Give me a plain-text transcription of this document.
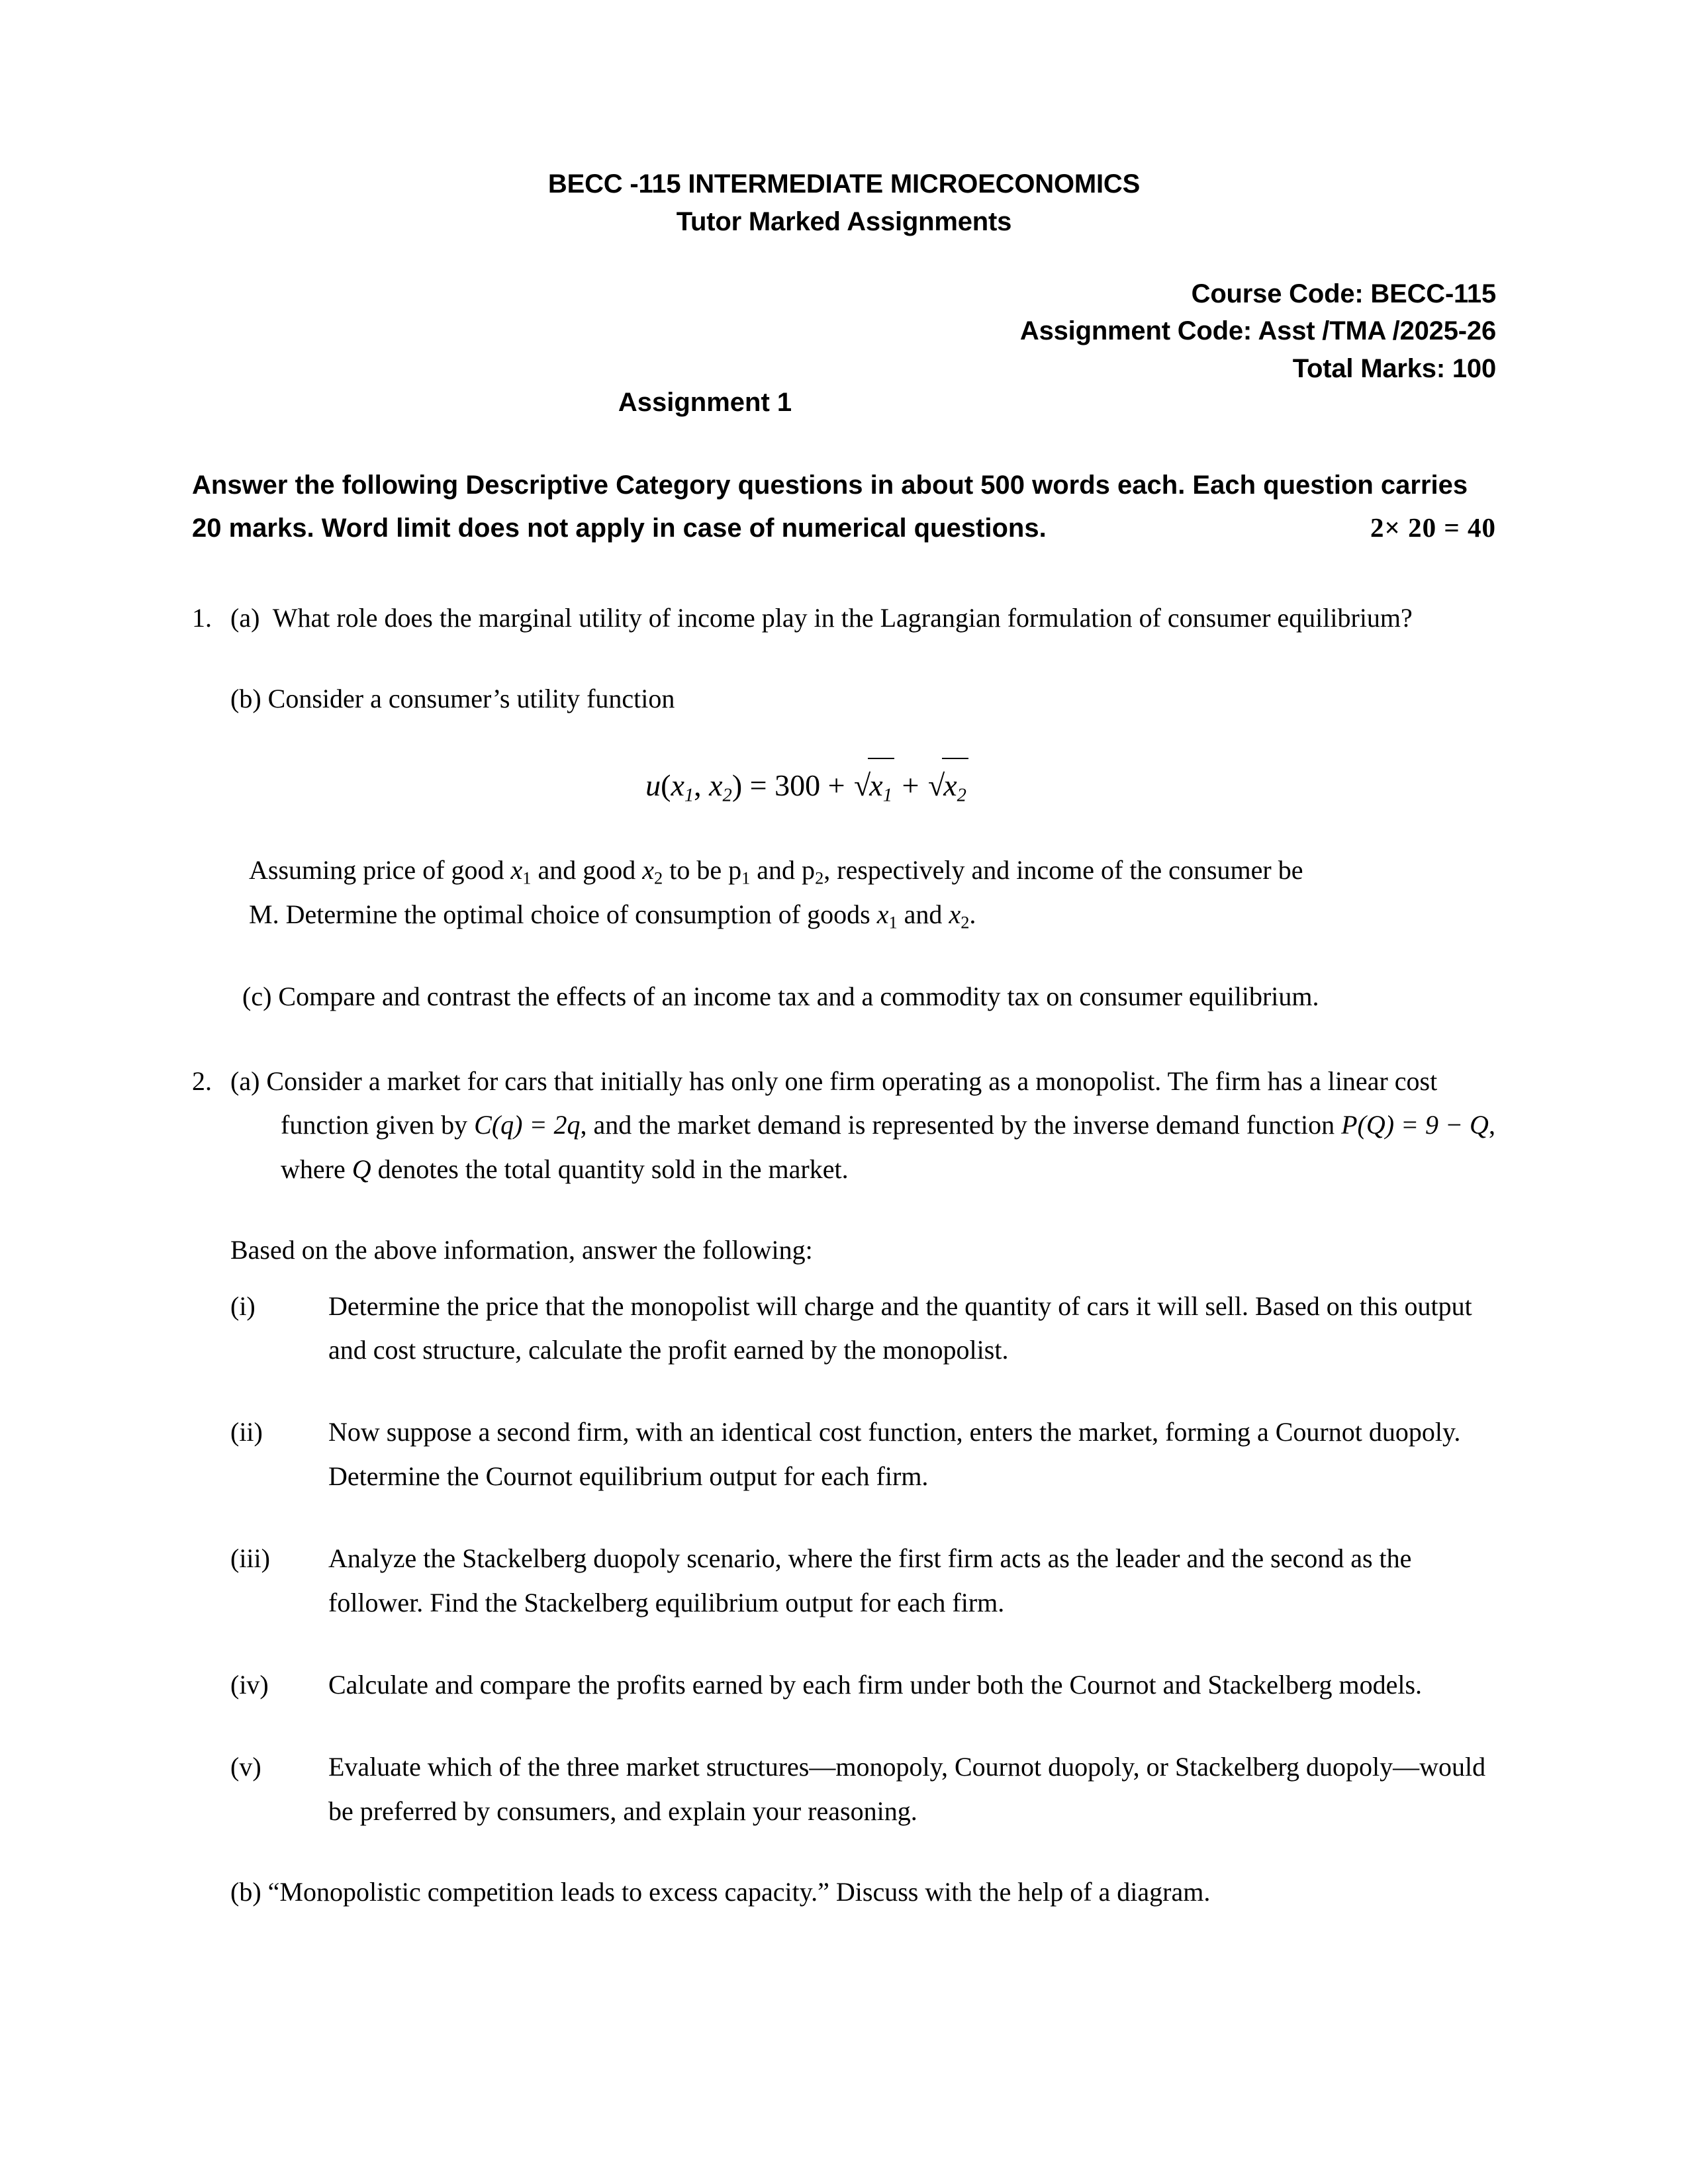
BECC -115 INTERMEDIATE MICROECONOMICS
Tutor Marked Assignments
Course Code: BECC-115
Assignment Code: Asst /TMA /2025-26
Total Marks: 100
Assignment 1
Answer the following Descriptive Category questions in about 500 words each. Each question carries
20 marks. Word limit does not apply in case of numerical questions.	2× 20 = 40
1. (a) What role does the marginal utility of income play in the Lagrangian formulation of consumer equilibrium?
(b) Consider a consumer’s utility function
u(x1, x2) = 300 + √x1 + √x2
Assuming price of good $x_1$ and good $x_2$ to be $p_1$ and $p_2$, respectively and income of the consumer be
M. Determine the optimal choice of consumption of goods $x_1$ and $x_2$.
(c) Compare and contrast the effects of an income tax and a commodity tax on consumer equilibrium.
2. (a) Consider a market for cars that initially has only one firm operating as a monopolist. The firm has a linear cost function given by C(q) = 2q, and the market demand is represented by the inverse demand function P(Q) = 9 − Q, where Q denotes the total quantity sold in the market.
Based on the above information, answer the following:
(i)	Determine the price that the monopolist will charge and the quantity of cars it will sell. Based on this output and cost structure, calculate the profit earned by the monopolist.
(ii)	Now suppose a second firm, with an identical cost function, enters the market, forming a Cournot duopoly. Determine the Cournot equilibrium output for each firm.
(iii)	Analyze the Stackelberg duopoly scenario, where the first firm acts as the leader and the second as the follower. Find the Stackelberg equilibrium output for each firm.
(iv)	Calculate and compare the profits earned by each firm under both the Cournot and Stackelberg models.
(v)	Evaluate which of the three market structures—monopoly, Cournot duopoly, or Stackelberg duopoly—would be preferred by consumers, and explain your reasoning.
(b) “Monopolistic competition leads to excess capacity.” Discuss with the help of a diagram.
